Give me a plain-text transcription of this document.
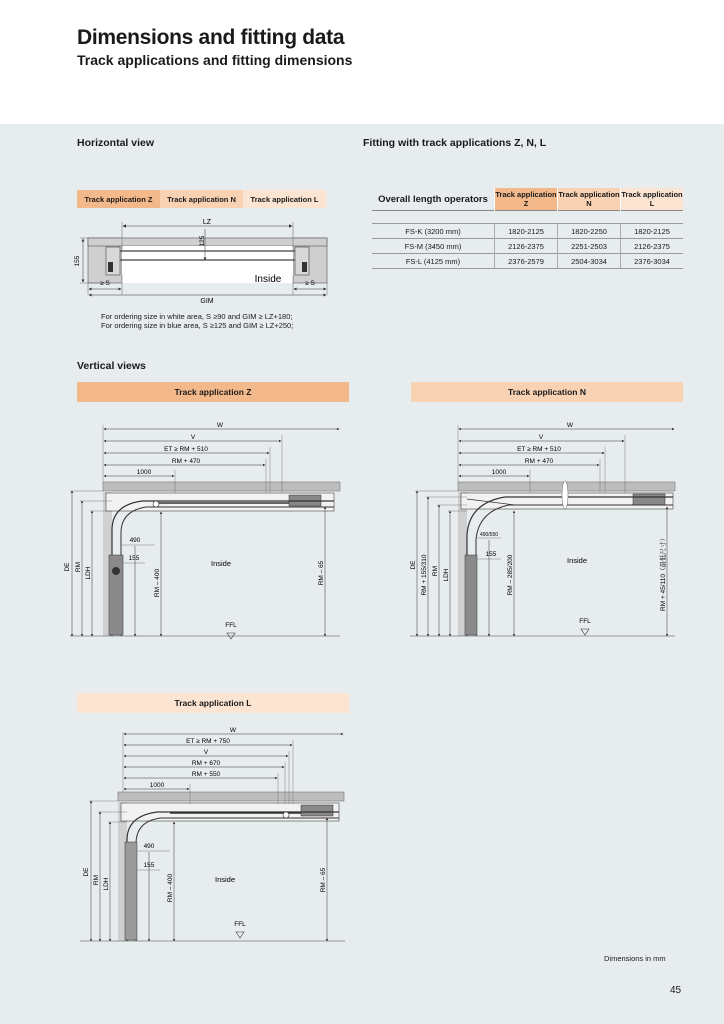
Dimensions and fitting data
Track applications and fitting dimensions
Horizontal view
Track application Z	Track application N	Track application L
LZ
125
155
≥ S	≥ S
Inside
GIM
For ordering size in white area, S ≥90 and GIM ≥ LZ+180;
For ordering size in blue area, S ≥125 and GIM ≥ LZ+250;
Fitting with track applications Z, N, L
Overall length operators	Track application Z	Track application N	Track application L

FS-K (3200 mm)	1820-2125	1820-2250	1820-2125
FS-M (3450 mm)	2126-2375	2251-2503	2126-2375
FS-L (4125 mm)	2376-2579	2504-3034	2376-3034
Vertical views
Track application Z	Track application N
Track application L
W
V
ET ≥ RM + 510
RM + 470
1000
490
155
RM – 400	RM – 65
Inside
FFL
DE RM LDH
W
V
ET ≥ RM + 510
RM + 470
1000
490/550
155
RM – 285/200	RM + 45/110（最低尺寸）
Inside
FFL
DE RM + 155/310 RM LDH
W
ET ≥ RM + 750
V
RM + 670
RM + 550
1000
490
155
RM – 400	RM – 65
Inside
FFL
DE
RM LDH
Dimensions in mm
45
